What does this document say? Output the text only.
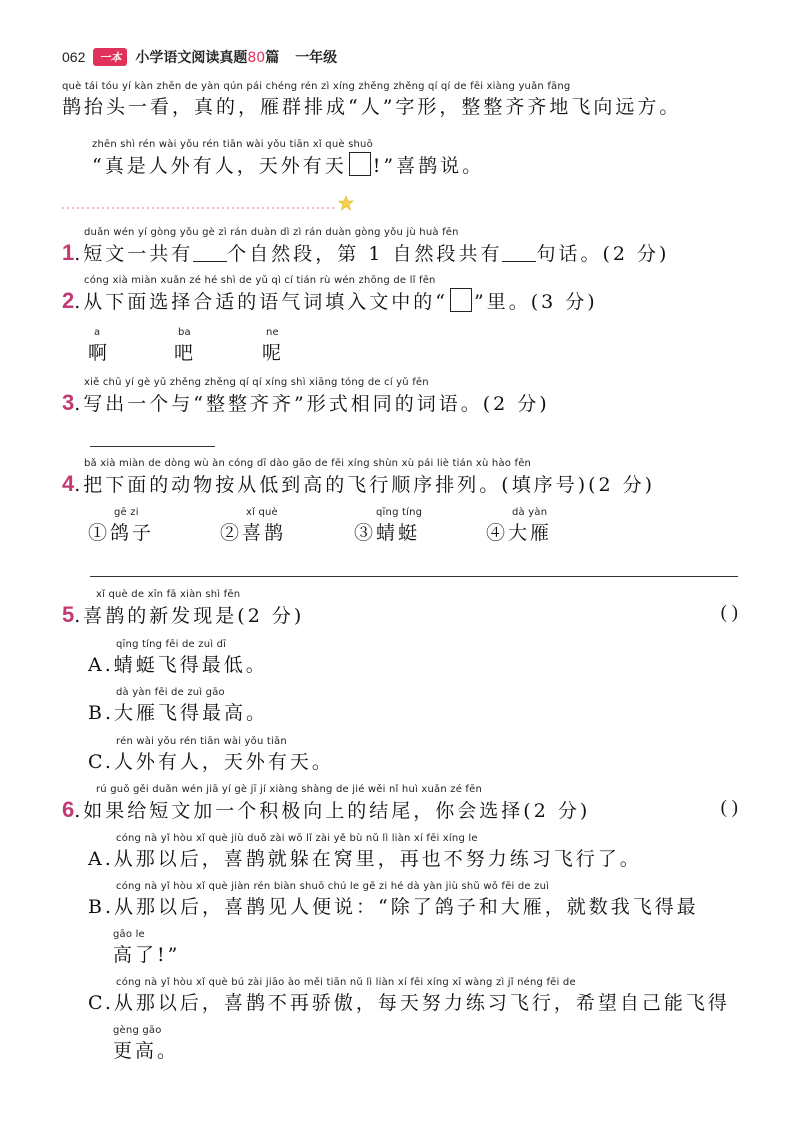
062	一本	小学语文阅读真题80篇 一年级
què tái tóu yí kàn zhēn de yàn qún pái chéng rén zì xíng zhěng zhěng qí qí de fēi xiàng yuǎn fāng
鹊抬头一看，真的，雁群排成“人”字形，整整齐齐地飞向远方。
zhēn shì rén wài yǒu rén tiān wài yǒu tiān xǐ què shuō
“真是人外有人，天外有天 !”喜鹊说。
duǎn wén yí gòng yǒu gè zì rán duàn dì zì rán duàn gòng yǒu jù huà fēn
1.短文一共有 个自然段，第 1 自然段共有 句话。(2 分)
cóng xià miàn xuǎn zé hé shì de yǔ qì cí tián rù wén zhōng de lǐ fēn
2.从下面选择合适的语气词填入文中的“ ”里。(3 分)
a
啊
ba
吧
ne
呢
xiě chū yí gè yǔ zhěng zhěng qí qí xíng shì xiāng tóng de cí yǔ fēn
3.写出一个与“整整齐齐”形式相同的词语。(2 分)
bǎ xià miàn de dòng wù àn cóng dī dào gāo de fēi xíng shùn xù pái liè tián xù hào fēn
4.把下面的动物按从低到高的飞行顺序排列。(填序号)(2 分)
gē zi
①鸽子
xǐ què
②喜鹊
qīng tíng
③蜻蜓
dà yàn
④大雁
xǐ què de xīn fā xiàn shì fēn
5.喜鹊的新发现是(2 分)	( )
qīng tíng fēi de zuì dī
A.蜻蜓飞得最低。
dà yàn fēi de zuì gāo
B.大雁飞得最高。
rén wài yǒu rén tiān wài yǒu tiān
C.人外有人，天外有天。
rú guǒ gěi duǎn wén jiā yí gè jī jí xiàng shàng de jié wěi nǐ huì xuǎn zé fēn
6.如果给短文加一个积极向上的结尾，你会选择(2 分)	( )
cóng nà yǐ hòu xǐ què jiù duǒ zài wō lǐ zài yě bù nǔ lì liàn xí fēi xíng le
A.从那以后，喜鹊就躲在窝里，再也不努力练习飞行了。
cóng nà yǐ hòu xǐ què jiàn rén biàn shuō chú le gē zi hé dà yàn jiù shǔ wǒ fēi de zuì
B.从那以后，喜鹊见人便说：“除了鸽子和大雁，就数我飞得最
gāo le
高了!”
cóng nà yǐ hòu xǐ què bú zài jiāo ào měi tiān nǔ lì liàn xí fēi xíng xī wàng zì jǐ néng fēi de
C.从那以后，喜鹊不再骄傲，每天努力练习飞行，希望自己能飞得
gèng gāo
更高。
